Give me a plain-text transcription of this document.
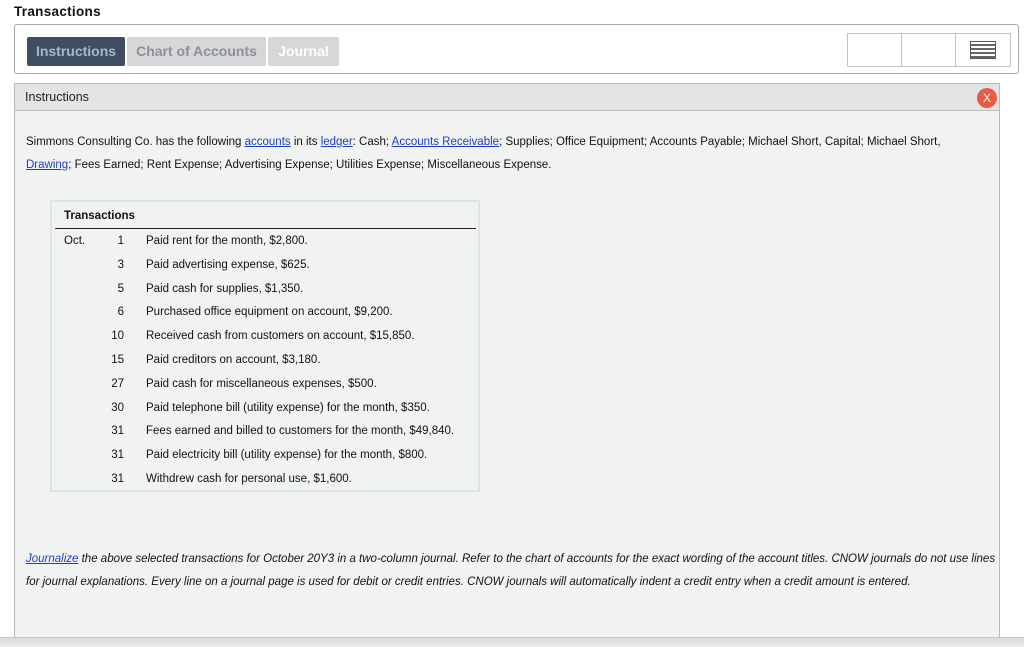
Transactions
Instructions	Chart of Accounts	Journal
Instructions	X
Simmons Consulting Co. has the following accounts in its ledger: Cash; Accounts Receivable; Supplies; Office Equipment; Accounts Payable; Michael Short, Capital; Michael Short,
Drawing; Fees Earned; Rent Expense; Advertising Expense; Utilities Expense; Miscellaneous Expense.
Transactions
Oct.	1 Paid rent for the month, $2,800.
3 Paid advertising expense, $625.
5 Paid cash for supplies, $1,350.
6 Purchased office equipment on account, $9,200.
10 Received cash from customers on account, $15,850.
15 Paid creditors on account, $3,180.
27 Paid cash for miscellaneous expenses, $500.
30 Paid telephone bill (utility expense) for the month, $350.
31 Fees earned and billed to customers for the month, $49,840.
31 Paid electricity bill (utility expense) for the month, $800.
31 Withdrew cash for personal use, $1,600.
Journalize the above selected transactions for October 20Y3 in a two-column journal. Refer to the chart of accounts for the exact wording of the account titles. CNOW journals do not use lines for journal explanations. Every line on a journal page is used for debit or credit entries. CNOW journals will automatically indent a credit entry when a credit amount is entered.
